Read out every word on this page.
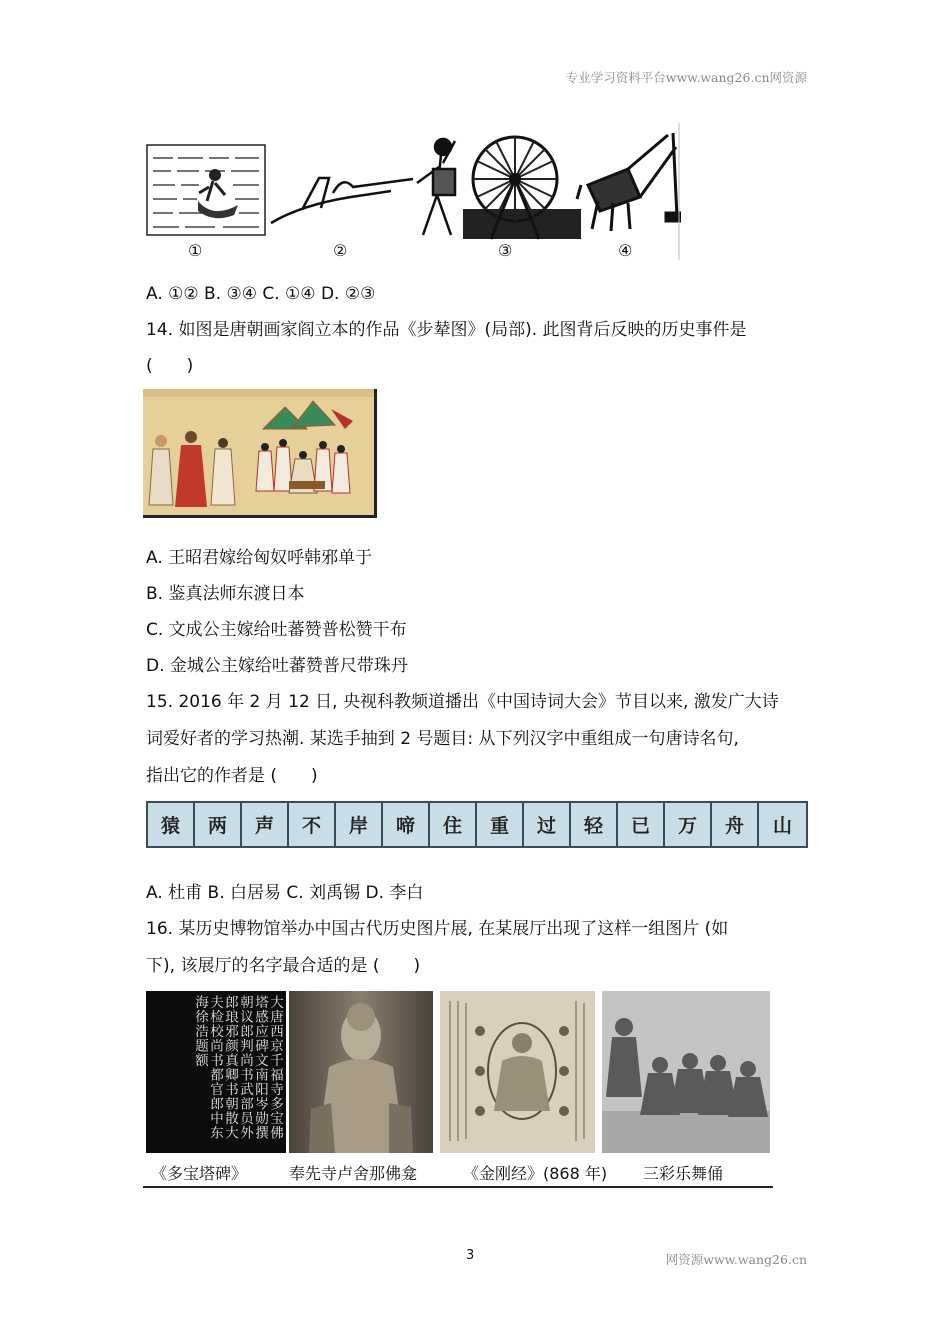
专业学习资料平台www.wang26.cn网资源
①	②	③	④
A. ①② B. ③④ C. ①④ D. ②③
14. 如图是唐朝画家阎立本的作品《步辇图》(局部). 此图背后反映的历史事件是
(　　)
A. 王昭君嫁给匈奴呼韩邪单于
B. 鉴真法师东渡日本
C. 文成公主嫁给吐蕃赞普松赞干布
D. 金城公主嫁给吐蕃赞普尺带珠丹
15. 2016 年 2 月 12 日, 央视科教频道播出《中国诗词大会》节目以来, 激发广大诗
词爱好者的学习热潮. 某选手抽到 2 号题目: 从下列汉字中重组成一句唐诗名句,
指出它的作者是 (　　)
猿	两	声	不	岸	啼	住	重	过	轻	已	万	舟	山
A. 杜甫 B. 白居易 C. 刘禹锡 D. 李白
16. 某历史博物馆举办中国古代历史图片展, 在某展厅出现了这样一组图片 (如
下), 该展厅的名字最合适的是 (　　)
大唐西京千福寺多宝佛塔感应碑文南阳岑勋撰朝议郎判尚书武部员外郎琅邪颜真卿书朝散大夫检校尚书都官郎中东海徐浩题额
《多宝塔碑》	奉先寺卢舍那佛龛	《金刚经》(868 年) 三彩乐舞俑
3	网资源www.wang26.cn
